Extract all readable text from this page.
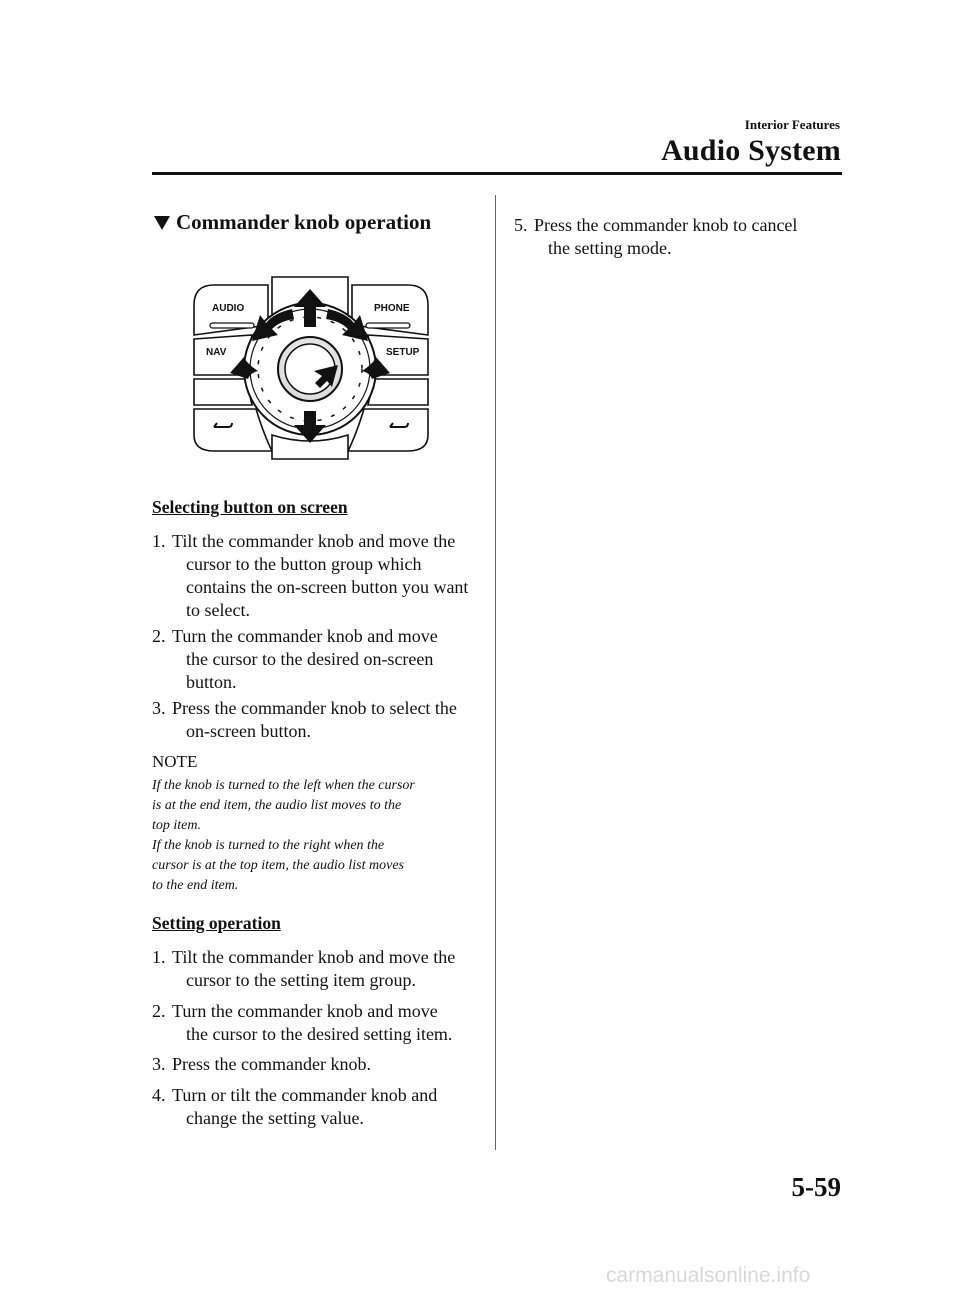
Interior Features
Audio System
Commander knob operation
AUDIO	PHONE
NAV	SETUP
Selecting button on screen
1. Tilt the commander knob and move the
cursor to the button group which
contains the on-screen button you want
to select.
2. Turn the commander knob and move
the cursor to the desired on-screen
button.
3. Press the commander knob to select the
on-screen button.
NOTE
If the knob is turned to the left when the cursor
is at the end item, the audio list moves to the
top item.
If the knob is turned to the right when the
cursor is at the top item, the audio list moves
to the end item.
Setting operation
1. Tilt the commander knob and move the
cursor to the setting item group.
2. Turn the commander knob and move
the cursor to the desired setting item.
3. Press the commander knob.
4. Turn or tilt the commander knob and
change the setting value.
5. Press the commander knob to cancel
the setting mode.
5-59
carmanualsonline.info
